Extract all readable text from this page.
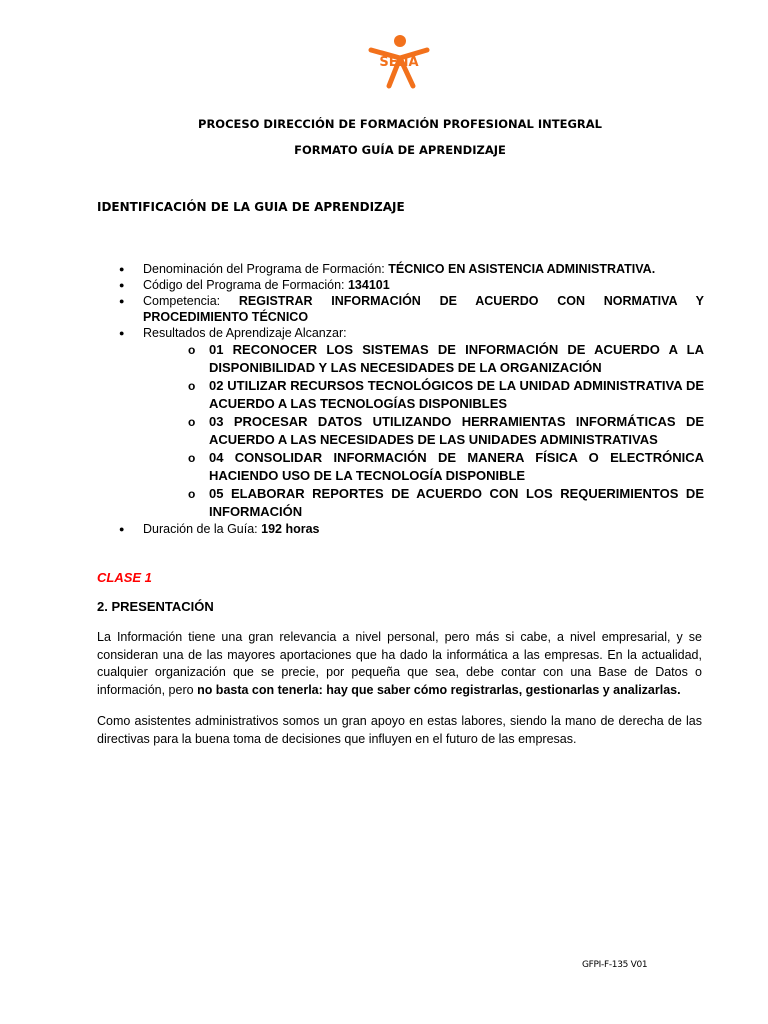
SENA
PROCESO DIRECCIÓN DE FORMACIÓN PROFESIONAL INTEGRAL
FORMATO GUÍA DE APRENDIZAJE
IDENTIFICACIÓN DE LA GUIA DE APRENDIZAJE
● Denominación del Programa de Formación: TÉCNICO EN ASISTENCIA ADMINISTRATIVA.
● Código del Programa de Formación: 134101
● Competencia: REGISTRAR INFORMACIÓN DE ACUERDO CON NORMATIVA Y PROCEDIMIENTO TÉCNICO
● Resultados de Aprendizaje Alcanzar:
o 01 RECONOCER LOS SISTEMAS DE INFORMACIÓN DE ACUERDO A LA DISPONIBILIDAD Y LAS NECESIDADES DE LA ORGANIZACIÓN
o 02 UTILIZAR RECURSOS TECNOLÓGICOS DE LA UNIDAD ADMINISTRATIVA DE ACUERDO A LAS TECNOLOGÍAS DISPONIBLES
o 03 PROCESAR DATOS UTILIZANDO HERRAMIENTAS INFORMÁTICAS DE ACUERDO A LAS NECESIDADES DE LAS UNIDADES ADMINISTRATIVAS
o 04 CONSOLIDAR INFORMACIÓN DE MANERA FÍSICA O ELECTRÓNICA HACIENDO USO DE LA TECNOLOGÍA DISPONIBLE
o 05 ELABORAR REPORTES DE ACUERDO CON LOS REQUERIMIENTOS DE INFORMACIÓN
● Duración de la Guía: 192 horas
CLASE 1
2. PRESENTACIÓN

La Información tiene una gran relevancia a nivel personal, pero más si cabe, a nivel empresarial, y se consideran una de las mayores aportaciones que ha dado la informática a las empresas. En la actualidad, cualquier organización que se precie, por pequeña que sea, debe contar con una Base de Datos o información, pero no basta con tenerla: hay que saber cómo registrarlas, gestionarlas y analizarlas.

Como asistentes administrativos somos un gran apoyo en estas labores, siendo la mano de derecha de las directivas para la buena toma de decisiones que influyen en el futuro de las empresas.

GFPI-F-135 V01
